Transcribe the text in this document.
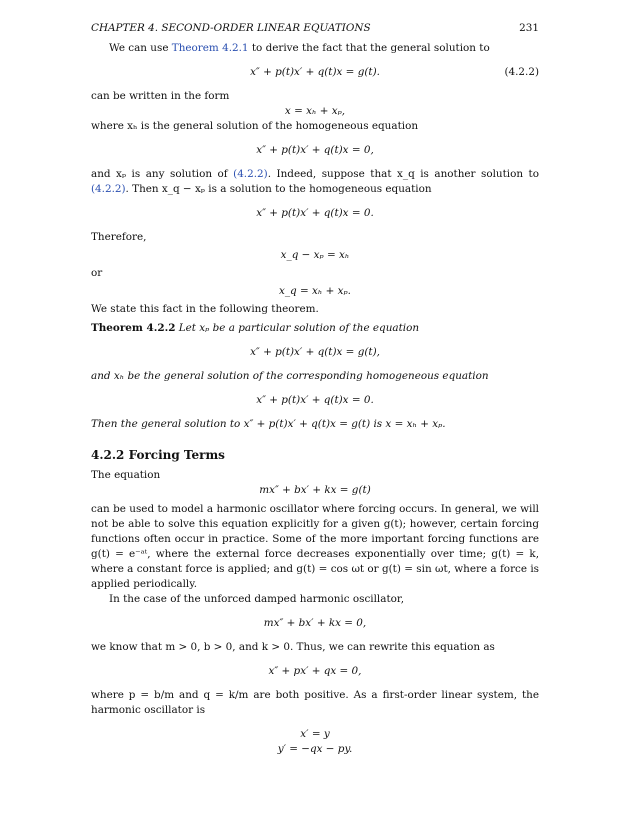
CHAPTER 4. SECOND-ORDER LINEAR EQUATIONS	231

We can use Theorem 4.2.1 to derive the fact that the general solution to

x″ + p(t)x′ + q(t)x = g(t).	(4.2.2)

can be written in the form

x = xₕ + xₚ,

where xₕ is the general solution of the homogeneous equation

x″ + p(t)x′ + q(t)x = 0,

and xₚ is any solution of (4.2.2). Indeed, suppose that x_q is another solution to (4.2.2). Then x_q − xₚ is a solution to the homogeneous equation

x″ + p(t)x′ + q(t)x = 0.

Therefore,

x_q − xₚ = xₕ

or

x_q = xₕ + xₚ.

We state this fact in the following theorem.

Theorem 4.2.2 Let xₚ be a particular solution of the equation

x″ + p(t)x′ + q(t)x = g(t),

and xₕ be the general solution of the corresponding homogeneous equation

x″ + p(t)x′ + q(t)x = 0.

Then the general solution to x″ + p(t)x′ + q(t)x = g(t) is x = xₕ + xₚ.

4.2.2 Forcing Terms

The equation

mx″ + bx′ + kx = g(t)

can be used to model a harmonic oscillator where forcing occurs. In general, we will not be able to solve this equation explicitly for a given g(t); however, certain forcing functions often occur in practice. Some of the more important forcing functions are g(t) = e⁻ᵃᵗ, where the external force decreases exponentially over time; g(t) = k, where a constant force is applied; and g(t) = cos ωt or g(t) = sin ωt, where a force is applied periodically.

In the case of the unforced damped harmonic oscillator,

mx″ + bx′ + kx = 0,

we know that m > 0, b > 0, and k > 0. Thus, we can rewrite this equation as

x″ + px′ + qx = 0,

where p = b/m and q = k/m are both positive. As a first-order linear system, the harmonic oscillator is

x′ = y
y′ = −qx − py.
